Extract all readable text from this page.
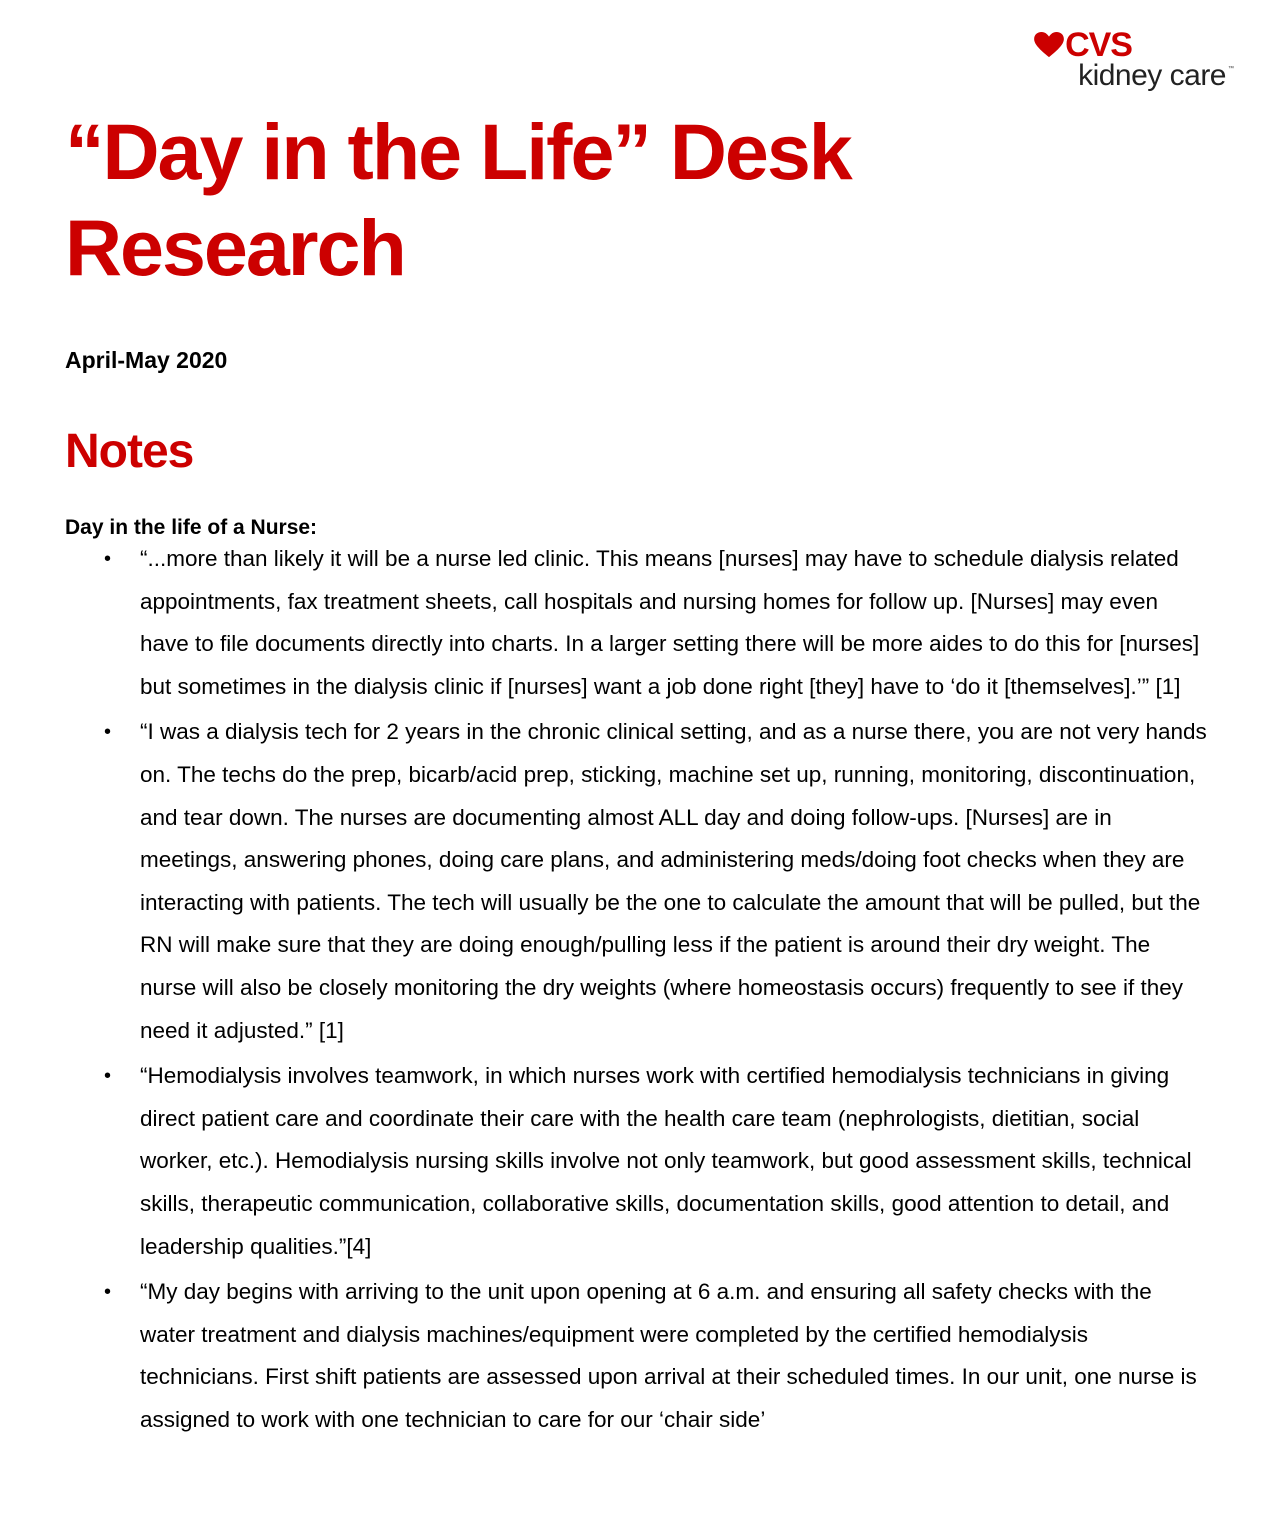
CVS
kidney care ™
“Day in the Life” Desk
Research
April-May 2020
Notes
Day in the life of a Nurse:
• “...more than likely it will be a nurse led clinic. This means [nurses] may have to schedule dialysis related appointments, fax treatment sheets, call hospitals and nursing homes for follow up. [Nurses] may even have to file documents directly into charts. In a larger setting there will be more aides to do this for [nurses] but sometimes in the dialysis clinic if [nurses] want a job done right [they] have to ‘do it [themselves].’” [1]
• “I was a dialysis tech for 2 years in the chronic clinical setting, and as a nurse there, you are not very hands on. The techs do the prep, bicarb/acid prep, sticking, machine set up, running, monitoring, discontinuation, and tear down. The nurses are documenting almost ALL day and doing follow-ups. [Nurses] are in meetings, answering phones, doing care plans, and administering meds/doing foot checks when they are interacting with patients. The tech will usually be the one to calculate the amount that will be pulled, but the RN will make sure that they are doing enough/pulling less if the patient is around their dry weight. The nurse will also be closely monitoring the dry weights (where homeostasis occurs) frequently to see if they need it adjusted.” [1]
• “Hemodialysis involves teamwork, in which nurses work with certified hemodialysis technicians in giving direct patient care and coordinate their care with the health care team (nephrologists, dietitian, social worker, etc.). Hemodialysis nursing skills involve not only teamwork, but good assessment skills, technical skills, therapeutic communication, collaborative skills, documentation skills, good attention to detail, and leadership qualities.”[4]
• “My day begins with arriving to the unit upon opening at 6 a.m. and ensuring all safety checks with the water treatment and dialysis machines/equipment were completed by the certified hemodialysis technicians. First shift patients are assessed upon arrival at their scheduled times. In our unit, one nurse is assigned to work with one technician to care for our ‘chair side’
